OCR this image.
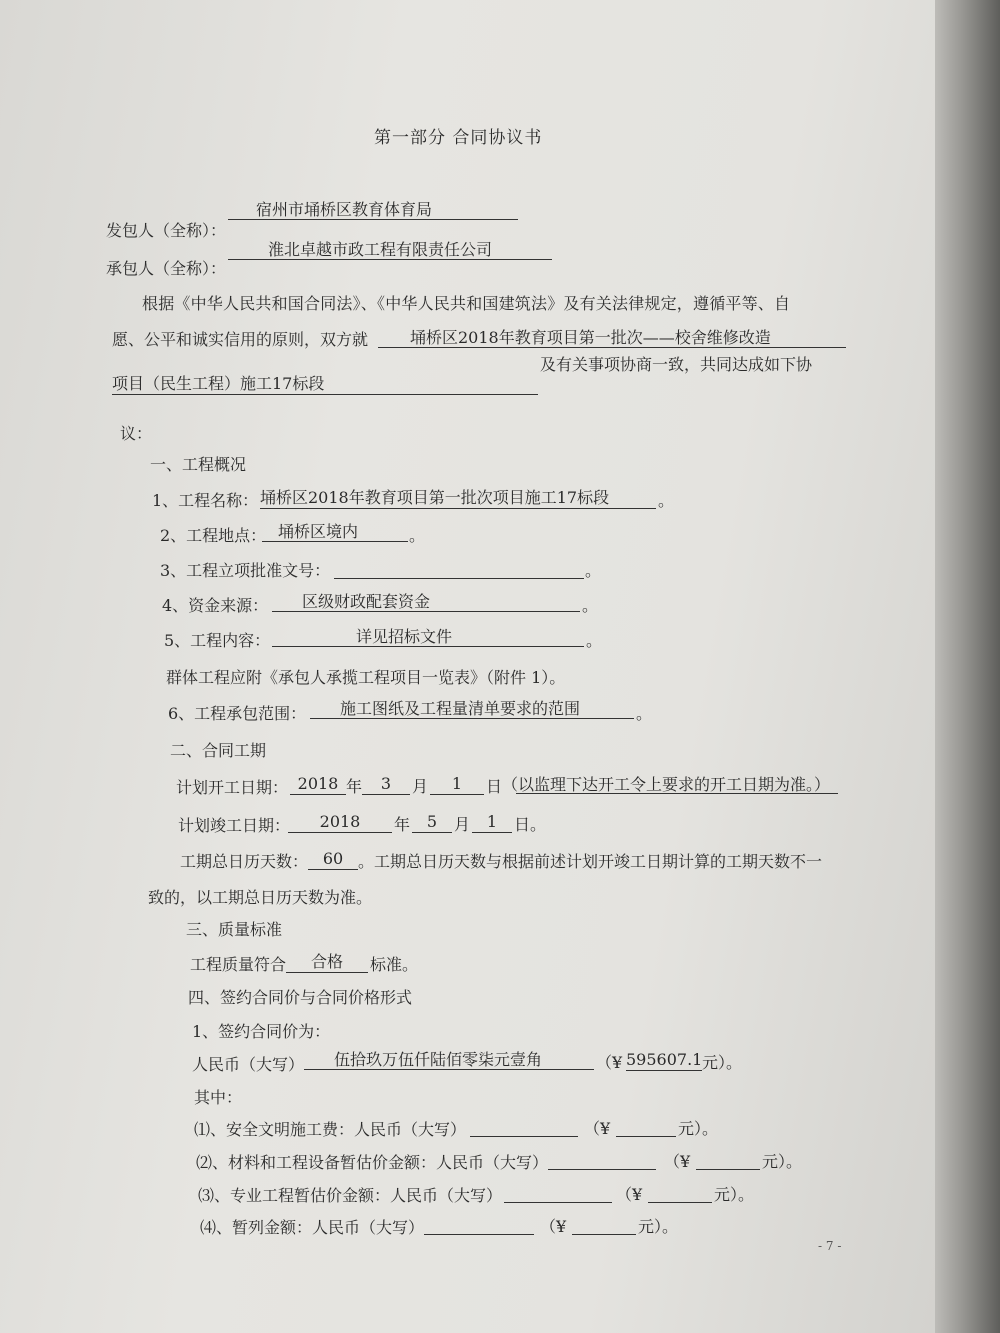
第一部分 合同协议书
发包人（全称）：
宿州市埇桥区教育体育局
承包人（全称）：
淮北卓越市政工程有限责任公司
根据《中华人民共和国合同法》、《中华人民共和国建筑法》及有关法律规定，遵循平等、自
愿、公平和诚实信用的原则，双方就	埇桥区2018年教育项目第一批次——校舍维修改造
项目（民生工程）施工17标段
及有关事项协商一致，共同达成如下协
议：
一、工程概况
1、工程名称： 埇桥区2018年教育项目第一批次项目施工17标段	。
2、工程地点： 埇桥区境内	。
3、工程立项批准文号：	。
4、资金来源：	区级财政配套资金	。
5、工程内容：	详见招标文件	。
群体工程应附《承包人承揽工程项目一览表》（附件 1）。
6、工程承包范围：	施工图纸及工程量清单要求的范围	。
二、合同工期
计划开工日期： 2018 年	3	月	1	日 （以监理下达开工令上要求的开工日期为准。）
计划竣工日期：	2018	年	5	月	1	日 。
工期总日历天数： 60 。工期总日历天数与根据前述计划开竣工日期计算的工期天数不一
致的，以工期总日历天数为准。
三、质量标准
工程质量符合	合格	标准。
四、签约合同价与合同价格形式
1、签约合同价为：
人民币（大写）	伍拾玖万伍仟陆佰零柒元壹角	（¥ 595607.1 元）。
其中：
⑴、安全文明施工费：人民币（大写）	（¥	元）。
⑵、材料和工程设备暂估价金额：人民币（大写）	（¥	元）。
⑶、专业工程暂估价金额：人民币（大写）	（¥	元）。
⑷、暂列金额：人民币（大写）	（¥	元）。
- 7 -
